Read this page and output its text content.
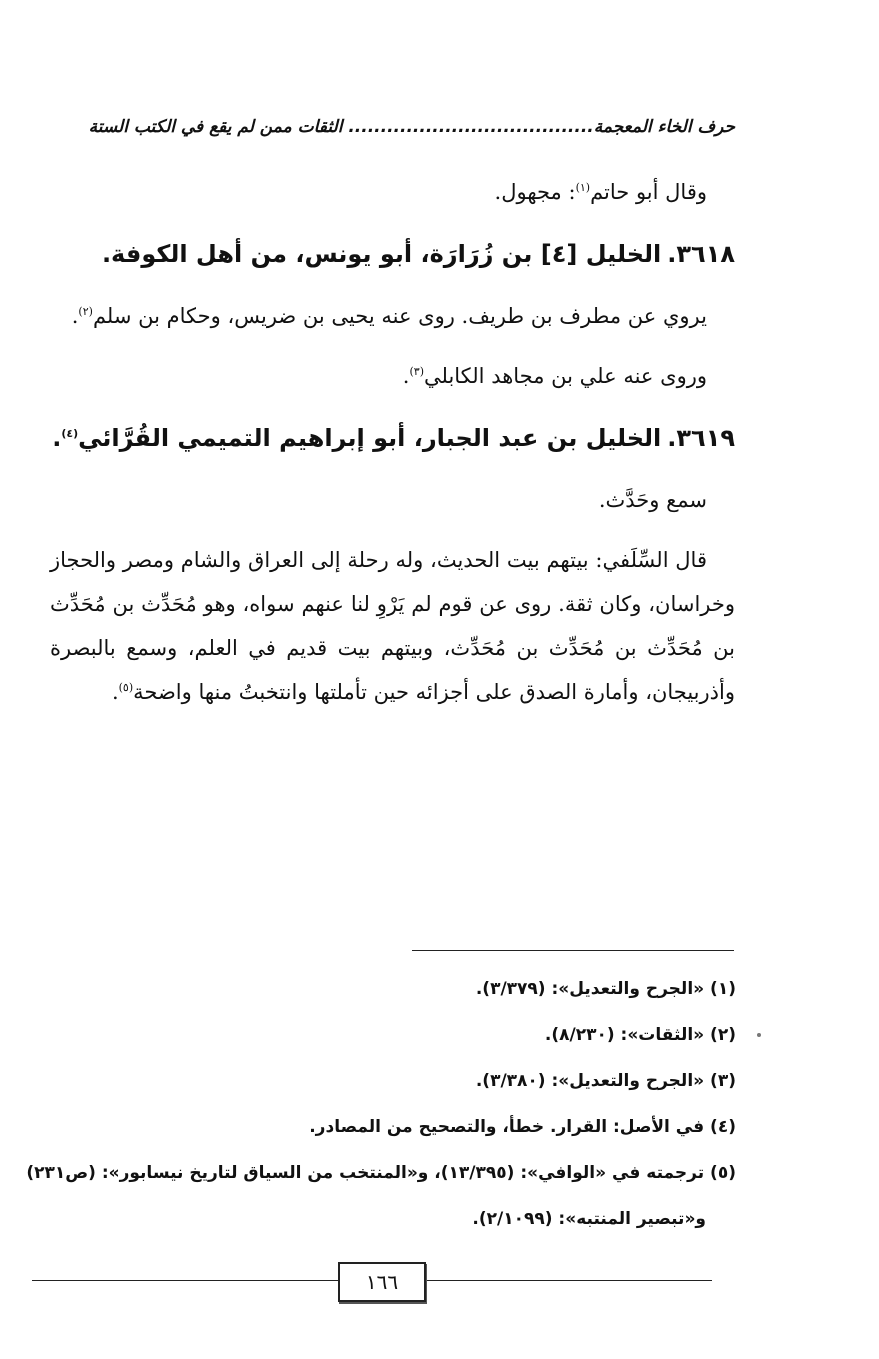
حرف الخاء المعجمة...................................... الثقات ممن لم يقع في الكتب الستة

وقال أبو حاتم$^{(١)}$: مجهول.

٣٦١٨.الخليل [٤] بن زُرَارَة، أبو يونس، من أهل الكوفة.

يروي عن مطرف بن طريف. روى عنه يحيى بن ضريس، وحكام بن سلم$^{(٢)}$.

وروى عنه علي بن مجاهد الكابلي$^{(٣)}$.

٣٦١٩.الخليل بن عبد الجبار، أبو إبراهيم التميمي القُرَّائي$^{(٤)}$.

سمع وحَدَّث.

قال السِّلَفي: بيتهم بيت الحديث، وله رحلة إلى العراق والشام ومصر والحجاز وخراسان، وكان ثقة. روى عن قوم لم يَرْوِ لنا عنهم سواه، وهو مُحَدِّث بن مُحَدِّث بن مُحَدِّث بن مُحَدِّث بن مُحَدِّث، وبيتهم بيت قديم في العلم، وسمع بالبصرة وأذربيجان، وأمارة الصدق على أجزائه حين تأملتها وانتخبتُ منها واضحة$^{(٥)}$.

(١) «الجرح والتعديل»: (٣/٣٧٩).
(٢) «الثقات»: (٨/٢٣٠).
(٣) «الجرح والتعديل»: (٣/٣٨٠).
(٤) في الأصل: القرار. خطأ، والتصحيح من المصادر.
(٥) ترجمته في «الوافي»: (١٣/٣٩٥)، و«المنتخب من السياق لتاريخ نيسابور»: (ص٢٣١)
و«تبصير المنتبه»: (٢/١٠٩٩).
١٦٦
